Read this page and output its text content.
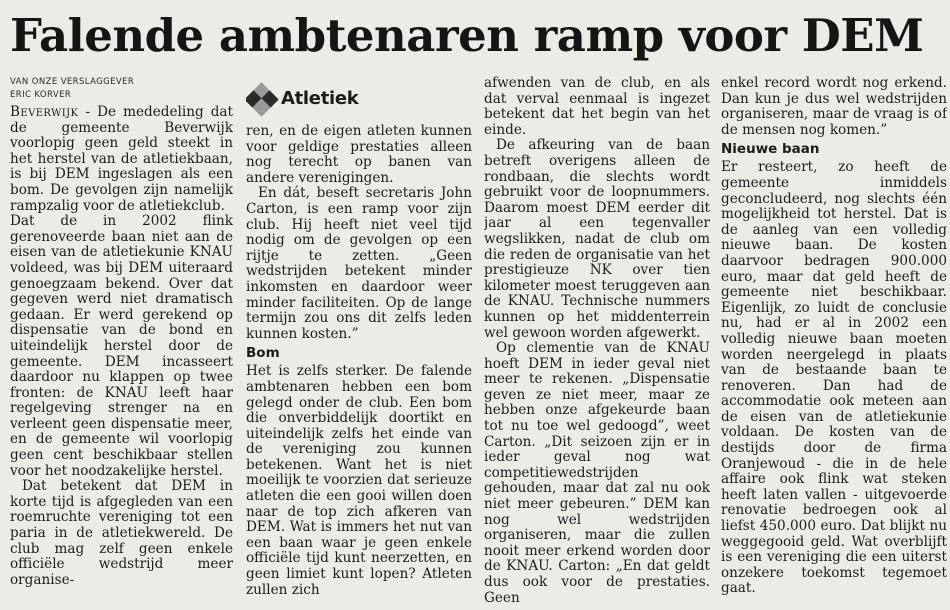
Falende ambtenaren ramp voor DEM
VAN ONZE VERSLAGGEVER
ERIC KORVER

Beverwijk - De mededeling dat de gemeente Beverwijk voorlopig geen geld steekt in het herstel van de atletiekbaan, is bij DEM ingeslagen als een bom. De gevolgen zijn namelijk rampzalig voor de atletiekclub.

Dat de in 2002 flink gerenoveerde baan niet aan de eisen van de atletiekunie KNAU voldeed, was bij DEM uiteraard genoegzaam bekend. Over dat gegeven werd niet dramatisch gedaan. Er werd gerekend op dispensatie van de bond en uiteindelijk herstel door de gemeente. DEM incasseert daardoor nu klappen op twee fronten: de KNAU leeft haar regelgeving strenger na en verleent geen dispensatie meer, en de gemeente wil voorlopig geen cent beschikbaar stellen voor het noodzakelijke herstel.

Dat betekent dat DEM in korte tijd is afgegleden van een roemruchte vereniging tot een paria in de atletiekwereld. De club mag zelf geen enkele officiële wedstrijd meer organise-

Atletiek

ren, en de eigen atleten kunnen voor geldige prestaties alleen nog terecht op banen van andere verenigingen.

En dát, beseft secretaris John Carton, is een ramp voor zijn club. Hij heeft niet veel tijd nodig om de gevolgen op een rijtje te zetten. „Geen wedstrijden betekent minder inkomsten en daardoor weer minder faciliteiten. Op de lange termijn zou ons dit zelfs leden kunnen kosten.”

Bom

Het is zelfs sterker. De falende ambtenaren hebben een bom gelegd onder de club. Een bom die onverbiddelijk doortikt en uiteindelijk zelfs het einde van de vereniging zou kunnen betekenen. Want het is niet moeilijk te voorzien dat serieuze atleten die een gooi willen doen naar de top zich afkeren van DEM. Wat is immers het nut van een baan waar je geen enkele officiële tijd kunt neerzetten, en geen limiet kunt lopen? Atleten zullen zich

afwenden van de club, en als dat verval eenmaal is ingezet betekent dat het begin van het einde.

De afkeuring van de baan betreft overigens alleen de rondbaan, die slechts wordt gebruikt voor de loopnummers. Daarom moest DEM eerder dit jaar al een tegenvaller wegslikken, nadat de club om die reden de organisatie van het prestigieuze NK over tien kilometer moest teruggeven aan de KNAU. Technische nummers kunnen op het middenterrein wel gewoon worden afgewerkt.

Op clementie van de KNAU hoeft DEM in ieder geval niet meer te rekenen. „Dispensatie geven ze niet meer, maar ze hebben onze afgekeurde baan tot nu toe wel gedoogd”, weet Carton. „Dit seizoen zijn er in ieder geval nog wat competitiewedstrijden gehouden, maar dat zal nu ook niet meer gebeuren.” DEM kan nog wel wedstrijden organiseren, maar die zullen nooit meer erkend worden door de KNAU. Carton: „En dat geldt dus ook voor de prestaties. Geen

enkel record wordt nog erkend. Dan kun je dus wel wedstrijden organiseren, maar de vraag is of de mensen nog komen.”

Nieuwe baan

Er resteert, zo heeft de gemeente inmiddels geconcludeerd, nog slechts één mogelijkheid tot herstel. Dat is de aanleg van een volledig nieuwe baan. De kosten daarvoor bedragen 900.000 euro, maar dat geld heeft de gemeente niet beschikbaar. Eigenlijk, zo luidt de conclusie nu, had er al in 2002 een volledig nieuwe baan moeten worden neergelegd in plaats van de bestaande baan te renoveren. Dan had de accommodatie ook meteen aan de eisen van de atletiekunie voldaan. De kosten van de destijds door de firma Oranjewoud - die in de hele affaire ook flink wat steken heeft laten vallen - uitgevoerde renovatie bedroegen ook al liefst 450.000 euro. Dat blijkt nu weggegooid geld. Wat overblijft is een vereniging die een uiterst onzekere toekomst tegemoet gaat.
